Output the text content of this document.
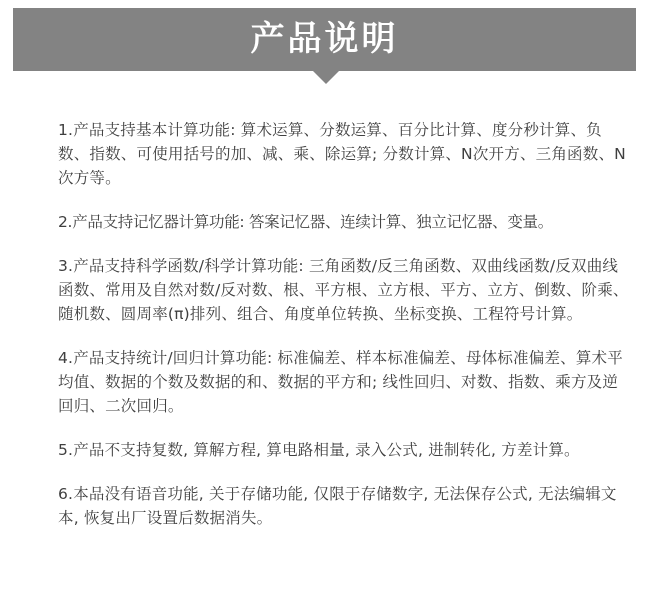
产品说明

1.产品支持基本计算功能: 算术运算、分数运算、百分比计算、度分秒计算、负数、指数、可使用括号的加、减、乘、除运算; 分数计算、N次开方、三角函数、N次方等。

2.产品支持记忆器计算功能: 答案记忆器、连续计算、独立记忆器、变量。

3.产品支持科学函数/科学计算功能: 三角函数/反三角函数、双曲线函数/反双曲线函数、常用及自然对数/反对数、根、平方根、立方根、平方、立方、倒数、阶乘、随机数、圆周率(π)排列、组合、角度单位转换、坐标变换、工程符号计算。

4.产品支持统计/回归计算功能: 标准偏差、样本标准偏差、母体标准偏差、算术平均值、数据的个数及数据的和、数据的平方和; 线性回归、对数、指数、乘方及逆回归、二次回归。

5.产品不支持复数, 算解方程, 算电路相量, 录入公式, 进制转化, 方差计算。

6.本品没有语音功能, 关于存储功能, 仅限于存储数字, 无法保存公式, 无法编辑文本, 恢复出厂设置后数据消失。
